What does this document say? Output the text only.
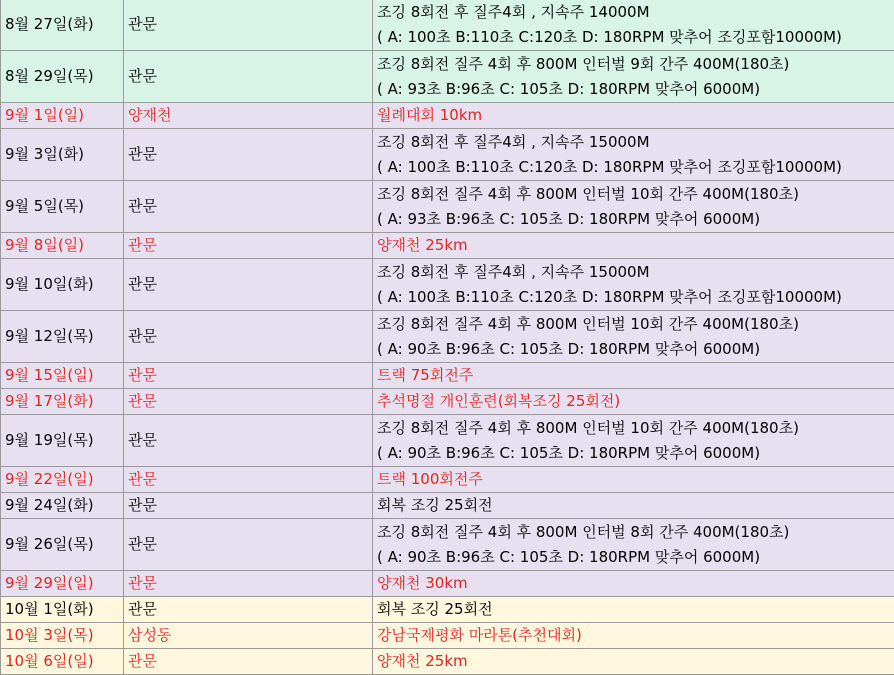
8월 27일(화)	관문	조깅 8회전 후 질주4회 , 지속주 14000M
( A: 100초 B:110초 C:120초 D: 180RPM 맞추어 조깅포함10000M)

8월 29일(목)	관문	조깅 8회전 질주 4회 후 800M 인터벌 9회 간주 400M(180초)
( A: 93초 B:96초 C: 105초 D: 180RPM 맞추어 6000M)

9월 1일(일)	양재천	월례대회 10km

9월 3일(화)	관문	조깅 8회전 후 질주4회 , 지속주 15000M
( A: 100초 B:110초 C:120초 D: 180RPM 맞추어 조깅포함10000M)

9월 5일(목)	관문	조깅 8회전 질주 4회 후 800M 인터벌 10회 간주 400M(180초)
( A: 93초 B:96초 C: 105초 D: 180RPM 맞추어 6000M)

9월 8일(일)	관문	양재천 25km

9월 10일(화)	관문	조깅 8회전 후 질주4회 , 지속주 15000M
( A: 100초 B:110초 C:120초 D: 180RPM 맞추어 조깅포함10000M)

9월 12일(목)	관문	조깅 8회전 질주 4회 후 800M 인터벌 10회 간주 400M(180초)
( A: 90초 B:96초 C: 105초 D: 180RPM 맞추어 6000M)

9월 15일(일)	관문	트랙 75회전주

9월 17일(화)	관문	추석명절 개인훈련(회복조깅 25회전)

9월 19일(목)	관문	조깅 8회전 질주 4회 후 800M 인터벌 10회 간주 400M(180초)
( A: 90초 B:96초 C: 105초 D: 180RPM 맞추어 6000M)

9월 22일(일)	관문	트랙 100회전주

9월 24일(화)	관문	회복 조깅 25회전

9월 26일(목)	관문	조깅 8회전 질주 4회 후 800M 인터벌 8회 간주 400M(180초)
( A: 90초 B:96초 C: 105초 D: 180RPM 맞추어 6000M)

9월 29일(일)	관문	양재천 30km

10월 1일(화)	관문	회복 조깅 25회전

10월 3일(목)	삼성동	강남국제평화 마라톤(추천대회)

10월 6일(일)	관문	양재천 25km
